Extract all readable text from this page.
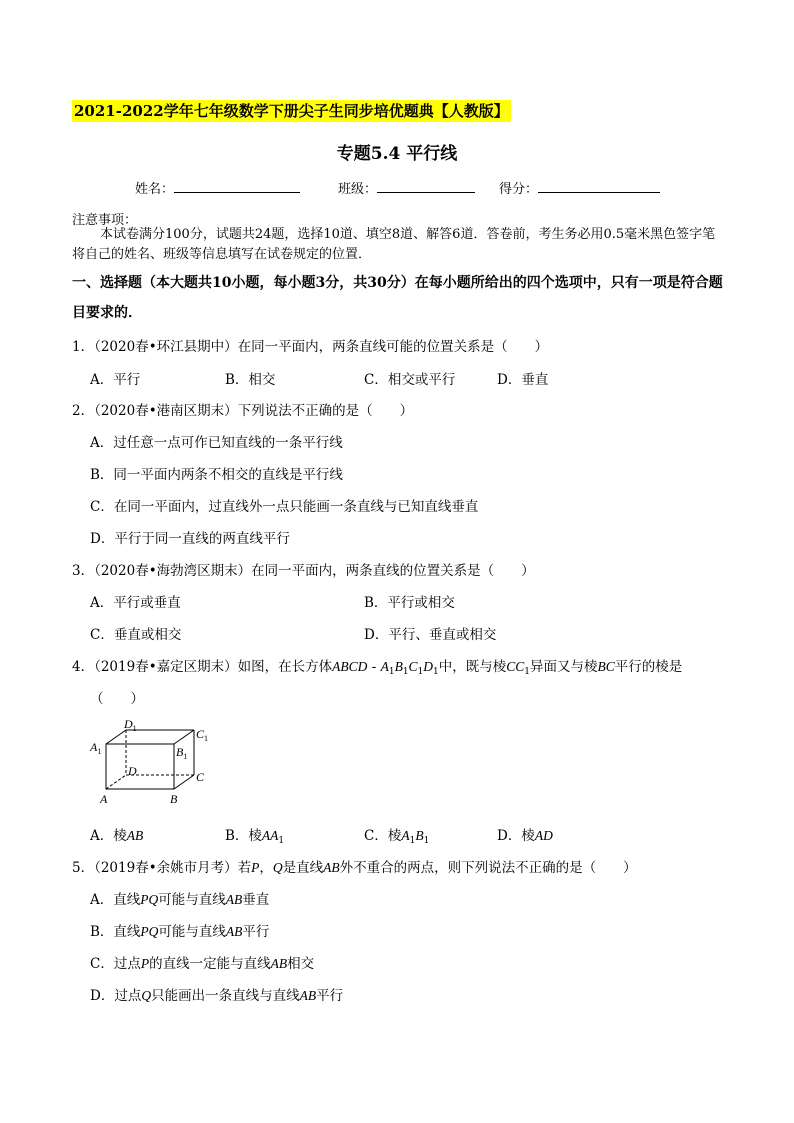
2021-2022学年七年级数学下册尖子生同步培优题典【人教版】
专题5.4 平行线
姓名：	班级：	得分：
注意事项：
本试卷满分100分，试题共24题，选择10道、填空8道、解答6道．答卷前，考生务必用0.5毫米黑色签字笔将自己的姓名、班级等信息填写在试卷规定的位置．
一、选择题（本大题共10小题，每小题3分，共30分）在每小题所给出的四个选项中，只有一项是符合题目要求的．
1．（2020春•环江县期中）在同一平面内，两条直线可能的位置关系是（　　）
A．平行	B．相交	C．相交或平行	D．垂直
2．（2020春•港南区期末）下列说法不正确的是（　　）
A．过任意一点可作已知直线的一条平行线
B．同一平面内两条不相交的直线是平行线
C．在同一平面内，过直线外一点只能画一条直线与已知直线垂直
D．平行于同一直线的两直线平行
3．（2020春•海勃湾区期末）在同一平面内，两条直线的位置关系是（　　）
A．平行或垂直	B．平行或相交
C．垂直或相交	D．平行、垂直或相交
4．（2019春•嘉定区期末）如图，在长方体ABCD - $A_1B_1C_1D_1$中，既与棱$CC_1$异面又与棱BC平行的棱是
（　　）
$D_1$	$C_1$
$A_1$	$B_1$
D	C
A	B
A．棱AB	B．棱$AA_1$	C．棱$A_1B_1$	D．棱AD
5．（2019春•余姚市月考）若P，Q是直线AB外不重合的两点，则下列说法不正确的是（　　）
A．直线PQ可能与直线AB垂直
B．直线PQ可能与直线AB平行
C．过点P的直线一定能与直线AB相交
D．过点Q只能画出一条直线与直线AB平行
